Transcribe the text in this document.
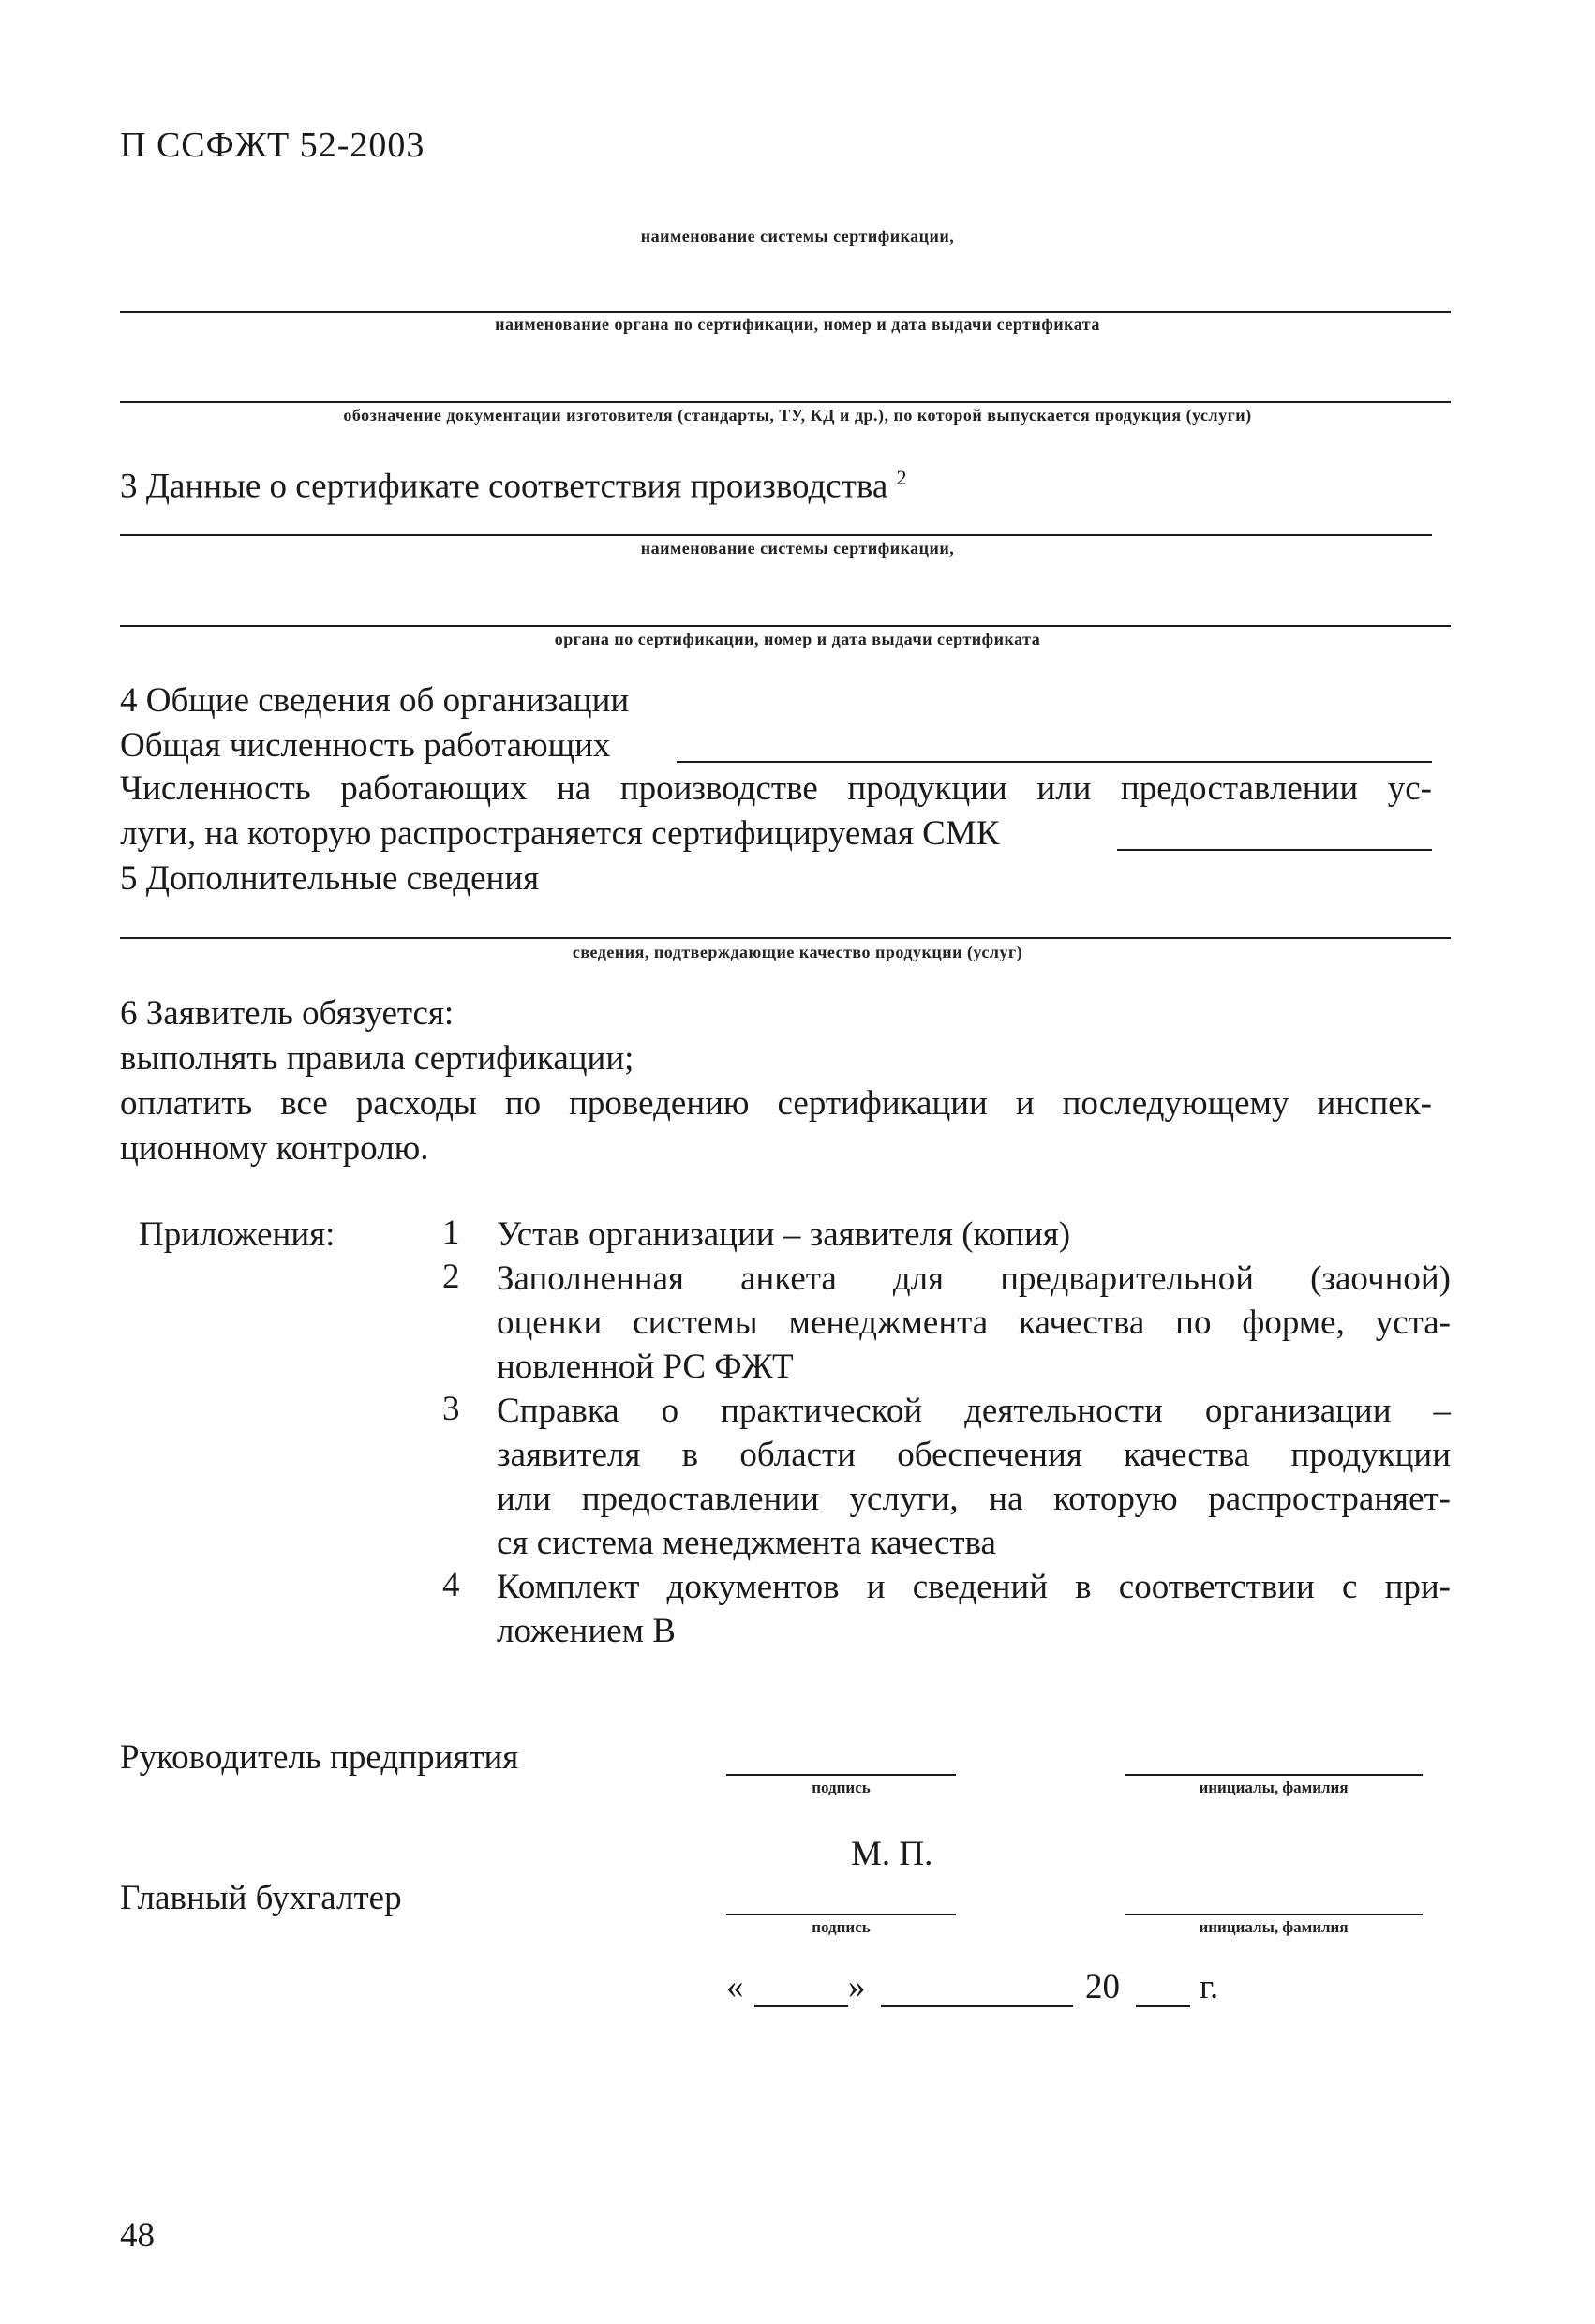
П ССФЖТ 52-2003
наименование системы сертификации,
наименование органа по сертификации, номер и дата выдачи сертификата
обозначение документации изготовителя (стандарты, ТУ, КД и др.), по которой выпускается продукция (услуги)
3 Данные о сертификате соответствия производства $^2$
наименование системы сертификации,
органа по сертификации, номер и дата выдачи сертификата
4 Общие сведения об организации
Общая численность работающих
Численность работающих на производстве продукции или предоставлении ус-
луги, на которую распространяется сертифицируемая СМК
5 Дополнительные сведения
сведения, подтверждающие качество продукции (услуг)
6 Заявитель обязуется:
выполнять правила сертификации;
оплатить все расходы по проведению сертификации и последующему инспек-
ционному контролю.
Приложения:	1 Устав организации – заявителя (копия)
2 Заполненная анкета для предварительной (заочной)
оценки системы менеджмента качества по форме, уста-
новленной РС ФЖТ
3 Справка о практической деятельности организации –
заявителя в области обеспечения качества продукции
или предоставлении услуги, на которую распространяет-
ся система менеджмента качества
4 Комплект документов и сведений в соответствии с при-
ложением В
Руководитель предприятия
подпись	инициалы, фамилия
М. П.
Главный бухгалтер
подпись	инициалы, фамилия
«	»	20 г.
48
